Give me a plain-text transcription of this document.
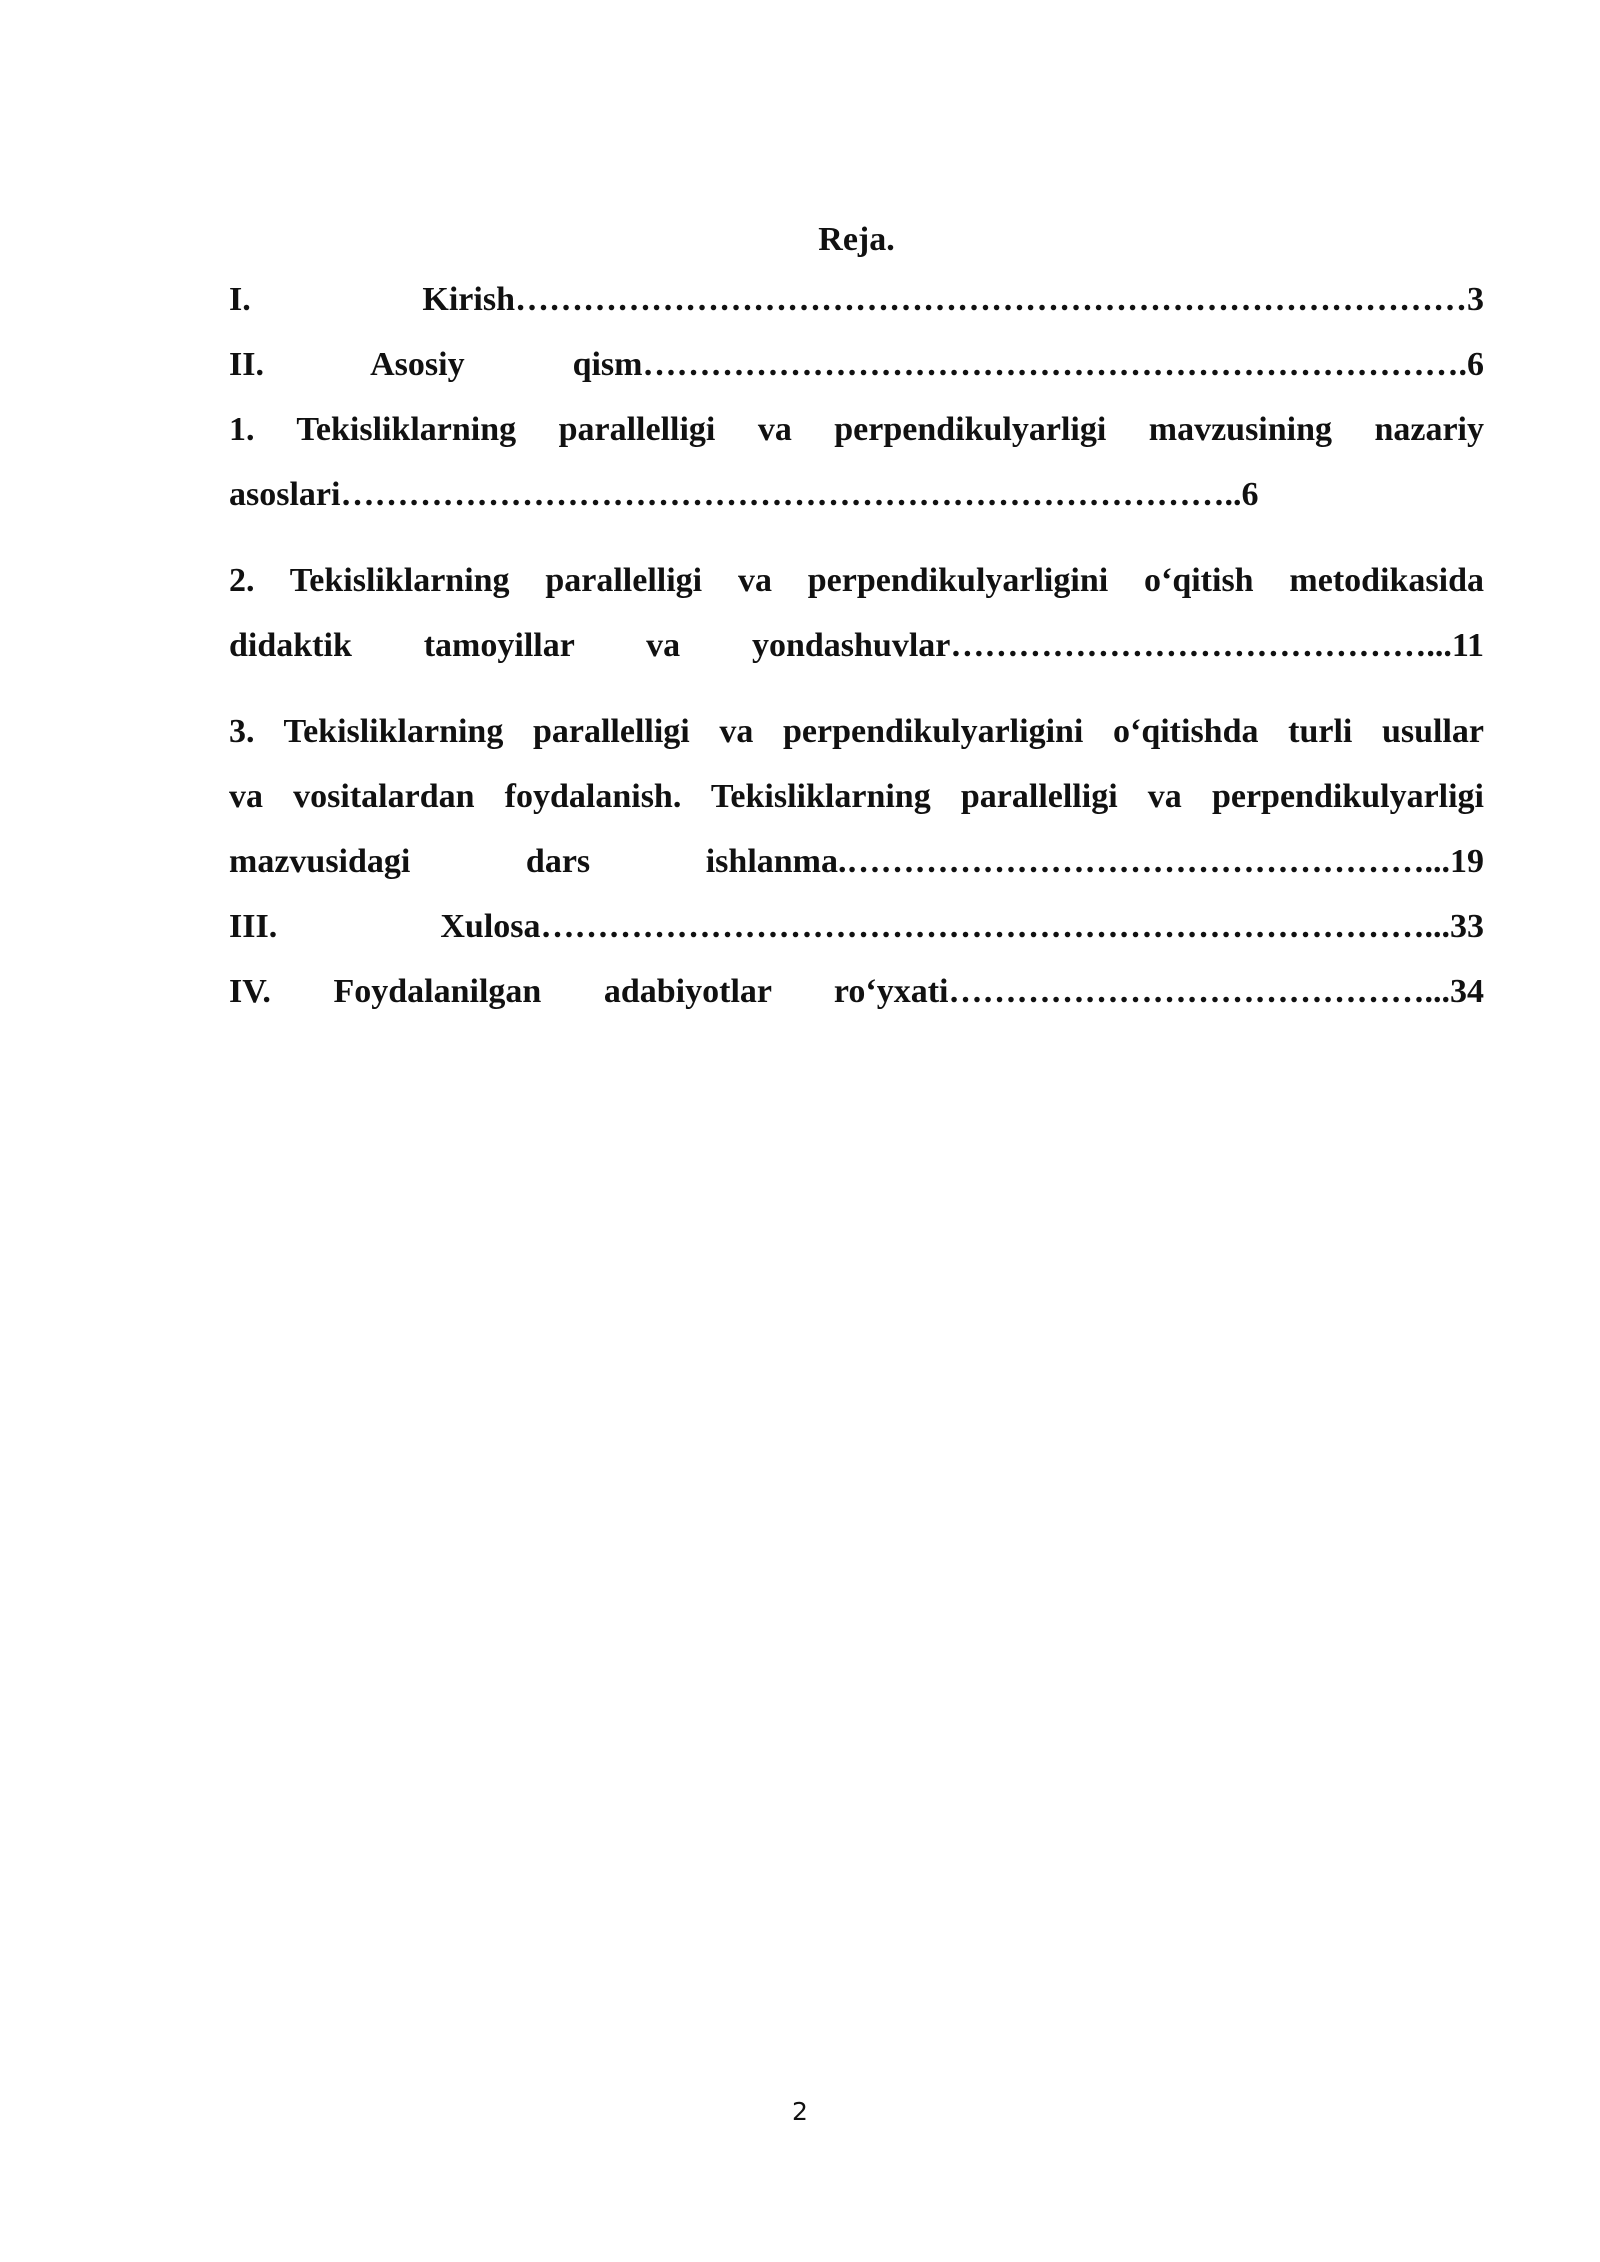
Reja.

I. Kirish…………………………………………………………………………3

II. Asosiy qism……………………………………………………………….6

1. Tekisliklarning parallelligi va perpendikulyarligi mavzusining nazariy

asoslari……………………………………………………………………..6

2. Tekisliklarning parallelligi va perpendikulyarligini o‘qitish metodikasida

didaktik tamoyillar va yondashuvlar……………………………………...11

3. Tekisliklarning parallelligi va perpendikulyarligini o‘qitishda turli usullar

va vositalardan foydalanish. Tekisliklarning parallelligi va perpendikulyarligi

mazvusidagi dars ishlanma.……………………………………………...19

III. Xulosa……………………………………………………………………...33

IV. Foydalanilgan adabiyotlar ro‘yxati……………………………………...34

2
